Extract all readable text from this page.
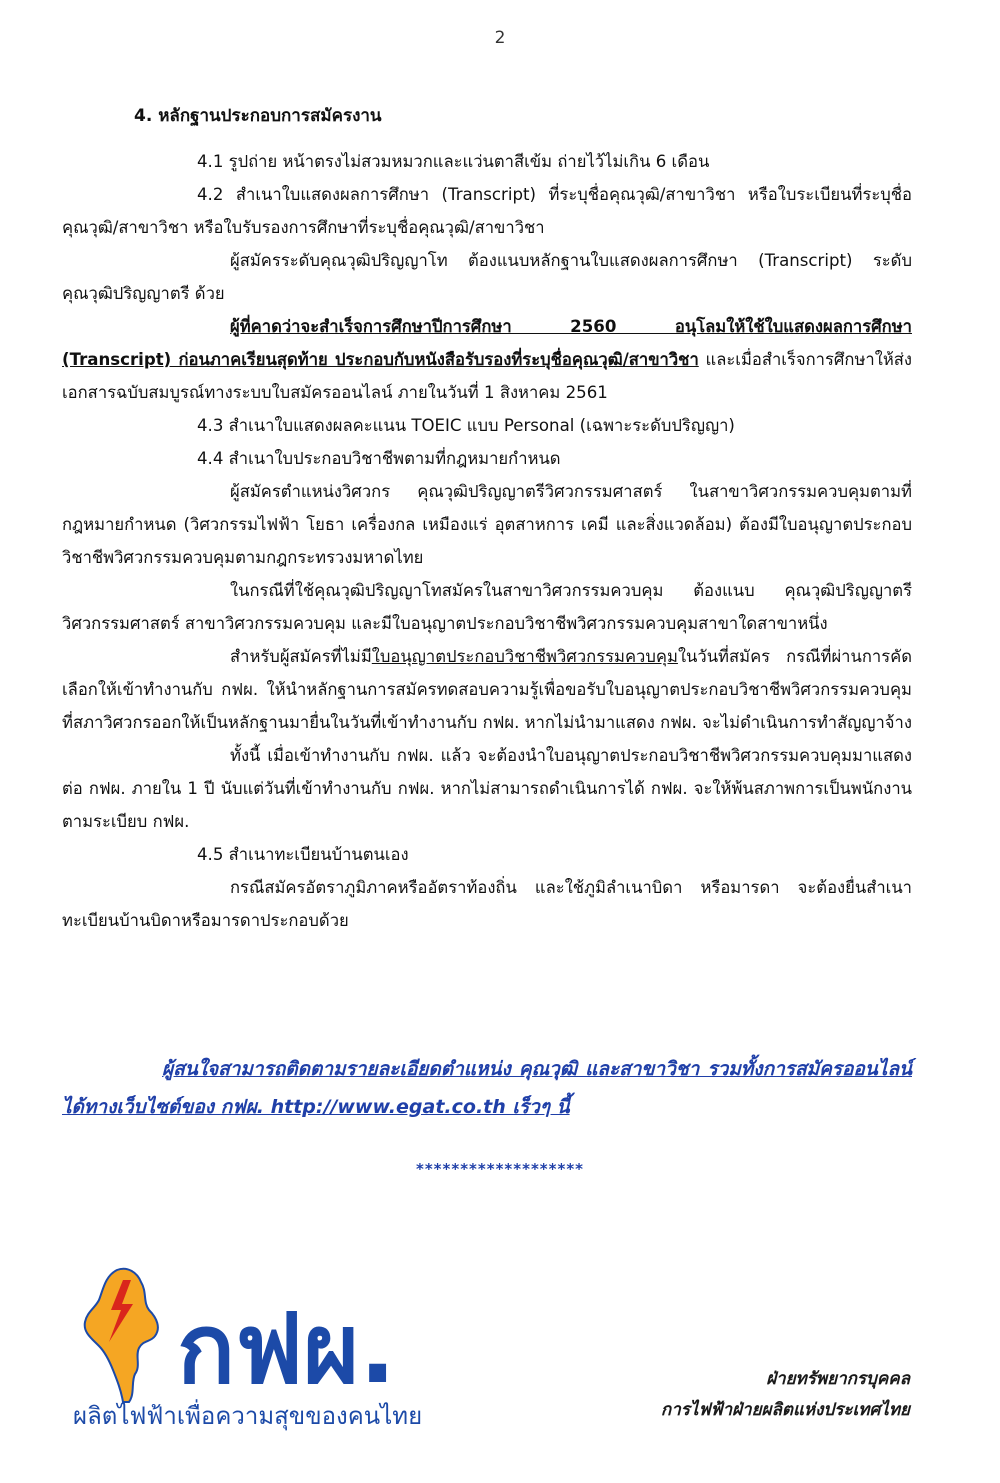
2

4. หลักฐานประกอบการสมัครงาน

4.1 รูปถ่าย หน้าตรงไม่สวมหมวกและแว่นตาสีเข้ม ถ่ายไว้ไม่เกิน 6 เดือน

4.2 สำเนาใบแสดงผลการศึกษา (Transcript) ที่ระบุชื่อคุณวุฒิ/สาขาวิชา หรือใบระเบียนที่ระบุชื่อคุณวุฒิ/สาขาวิชา หรือใบรับรองการศึกษาที่ระบุชื่อคุณวุฒิ/สาขาวิชา

ผู้สมัครระดับคุณวุฒิปริญญาโท ต้องแนบหลักฐานใบแสดงผลการศึกษา (Transcript) ระดับคุณวุฒิปริญญาตรี ด้วย

ผู้ที่คาดว่าจะสำเร็จการศึกษาปีการศึกษา 2560 อนุโลมให้ใช้ใบแสดงผลการศึกษา (Transcript) ก่อนภาคเรียนสุดท้าย ประกอบกับหนังสือรับรองที่ระบุชื่อคุณวุฒิ/สาขาวิชา และเมื่อสำเร็จการศึกษาให้ส่งเอกสารฉบับสมบูรณ์ทางระบบใบสมัครออนไลน์ ภายในวันที่ 1 สิงหาคม 2561

4.3 สำเนาใบแสดงผลคะแนน TOEIC แบบ Personal (เฉพาะระดับปริญญา)

4.4 สำเนาใบประกอบวิชาชีพตามที่กฎหมายกำหนด

ผู้สมัครตำแหน่งวิศวกร คุณวุฒิปริญญาตรีวิศวกรรมศาสตร์ ในสาขาวิศวกรรมควบคุมตามที่กฎหมายกำหนด (วิศวกรรมไฟฟ้า โยธา เครื่องกล เหมืองแร่ อุตสาหการ เคมี และสิ่งแวดล้อม) ต้องมีใบอนุญาตประกอบวิชาชีพวิศวกรรมควบคุมตามกฎกระทรวงมหาดไทย

ในกรณีที่ใช้คุณวุฒิปริญญาโทสมัครในสาขาวิศวกรรมควบคุม ต้องแนบ คุณวุฒิปริญญาตรีวิศวกรรมศาสตร์ สาขาวิศวกรรมควบคุม และมีใบอนุญาตประกอบวิชาชีพวิศวกรรมควบคุมสาขาใดสาขาหนึ่ง

สำหรับผู้สมัครที่ไม่มีใบอนุญาตประกอบวิชาชีพวิศวกรรมควบคุมในวันที่สมัคร กรณีที่ผ่านการคัดเลือกให้เข้าทำงานกับ กฟผ. ให้นำหลักฐานการสมัครทดสอบความรู้เพื่อขอรับใบอนุญาตประกอบวิชาชีพวิศวกรรมควบคุมที่สภาวิศวกรออกให้เป็นหลักฐานมายื่นในวันที่เข้าทำงานกับ กฟผ. หากไม่นำมาแสดง กฟผ. จะไม่ดำเนินการทำสัญญาจ้าง

ทั้งนี้ เมื่อเข้าทำงานกับ กฟผ. แล้ว จะต้องนำใบอนุญาตประกอบวิชาชีพวิศวกรรมควบคุมมาแสดงต่อ กฟผ. ภายใน 1 ปี นับแต่วันที่เข้าทำงานกับ กฟผ. หากไม่สามารถดำเนินการได้ กฟผ. จะให้พ้นสภาพการเป็นพนักงานตามระเบียบ กฟผ.

4.5 สำเนาทะเบียนบ้านตนเอง

กรณีสมัครอัตราภูมิภาคหรืออัตราท้องถิ่น และใช้ภูมิลำเนาบิดา หรือมารดา จะต้องยื่นสำเนาทะเบียนบ้านบิดาหรือมารดาประกอบด้วย

ผู้สนใจสามารถติดตามรายละเอียดตำแหน่ง คุณวุฒิ และสาขาวิชา รวมทั้งการสมัครออนไลน์ได้ทางเว็บไซต์ของ กฟผ. http://www.egat.co.th เร็วๆ นี้
*******************
กฟผ.
ผลิตไฟฟ้าเพื่อความสุขของคนไทย
ฝ่ายทรัพยากรบุคคล
การไฟฟ้าฝ่ายผลิตแห่งประเทศไทย
